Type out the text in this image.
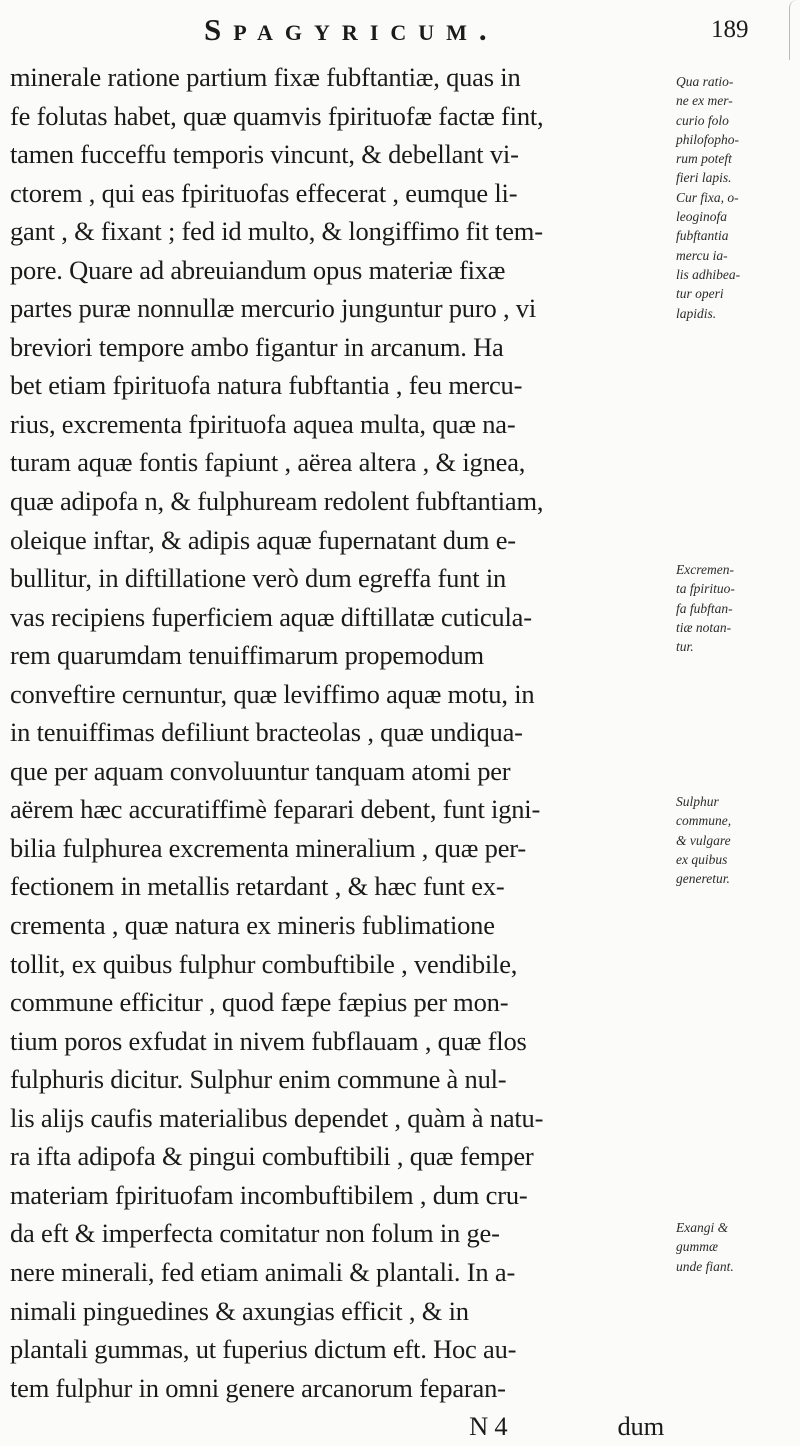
Spagyricum.	189
minerale ratione partium fixæ fubftantiæ, quas in
fe folutas habet, quæ quamvis fpirituofæ factæ fint,
tamen fucceffu temporis vincunt, & debellant vi-
ctorem , qui eas fpirituofas effecerat , eumque li-
gant , & fixant ; fed id multo, & longiffimo fit tem-
pore. Quare ad abreuiandum opus materiæ fixæ
partes puræ nonnullæ mercurio junguntur puro , vi
breviori tempore ambo figantur in arcanum. Ha
bet etiam fpirituofa natura fubftantia , feu mercu-
rius, excrementa fpirituofa aquea multa, quæ na-
turam aquæ fontis fapiunt , aërea altera , & ignea,
quæ adipofa n, & fulphuream redolent fubftantiam,
oleique inftar, & adipis aquæ fupernatant dum e-
bullitur, in diftillatione verò dum egreffa funt in
vas recipiens fuperficiem aquæ diftillatæ cuticula-
rem quarumdam tenuiffimarum propemodum
conveftire cernuntur, quæ leviffimo aquæ motu, in
in tenuiffimas defiliunt bracteolas , quæ undiqua-
que per aquam convoluuntur tanquam atomi per
aërem hæc accuratiffimè feparari debent, funt igni-
bilia fulphurea excrementa mineralium , quæ per-
fectionem in metallis retardant , & hæc funt ex-
crementa , quæ natura ex mineris fublimatione
tollit, ex quibus fulphur combuftibile , vendibile,
commune efficitur , quod fæpe fæpius per mon-
tium poros exfudat in nivem fubflauam , quæ flos
fulphuris dicitur. Sulphur enim commune à nul-
lis alijs caufis materialibus dependet , quàm à natu-
ra ifta adipofa & pingui combuftibili , quæ femper
materiam fpirituofam incombuftibilem , dum cru-
da eft & imperfecta comitatur non folum in ge-
nere minerali, fed etiam animali & plantali. In a-
nimali pinguedines & axungias efficit , & in
plantali gummas, ut fuperius dictum eft. Hoc au-
tem fulphur in omni genere arcanorum feparan-
N 4	dum
Qua ratio-
ne ex mer-
curio folo
philofopho-
rum poteft
fieri lapis.
Cur fixa, o-
leoginofa
fubftantia
mercu ia-
lis adhibea-
tur operi
lapidis.
Excremen-
ta fpirituo-
fa fubftan-
tiæ notan-
tur.
Sulphur
commune,
& vulgare
ex quibus
generetur.
Exangi &
gummæ
unde fiant.
